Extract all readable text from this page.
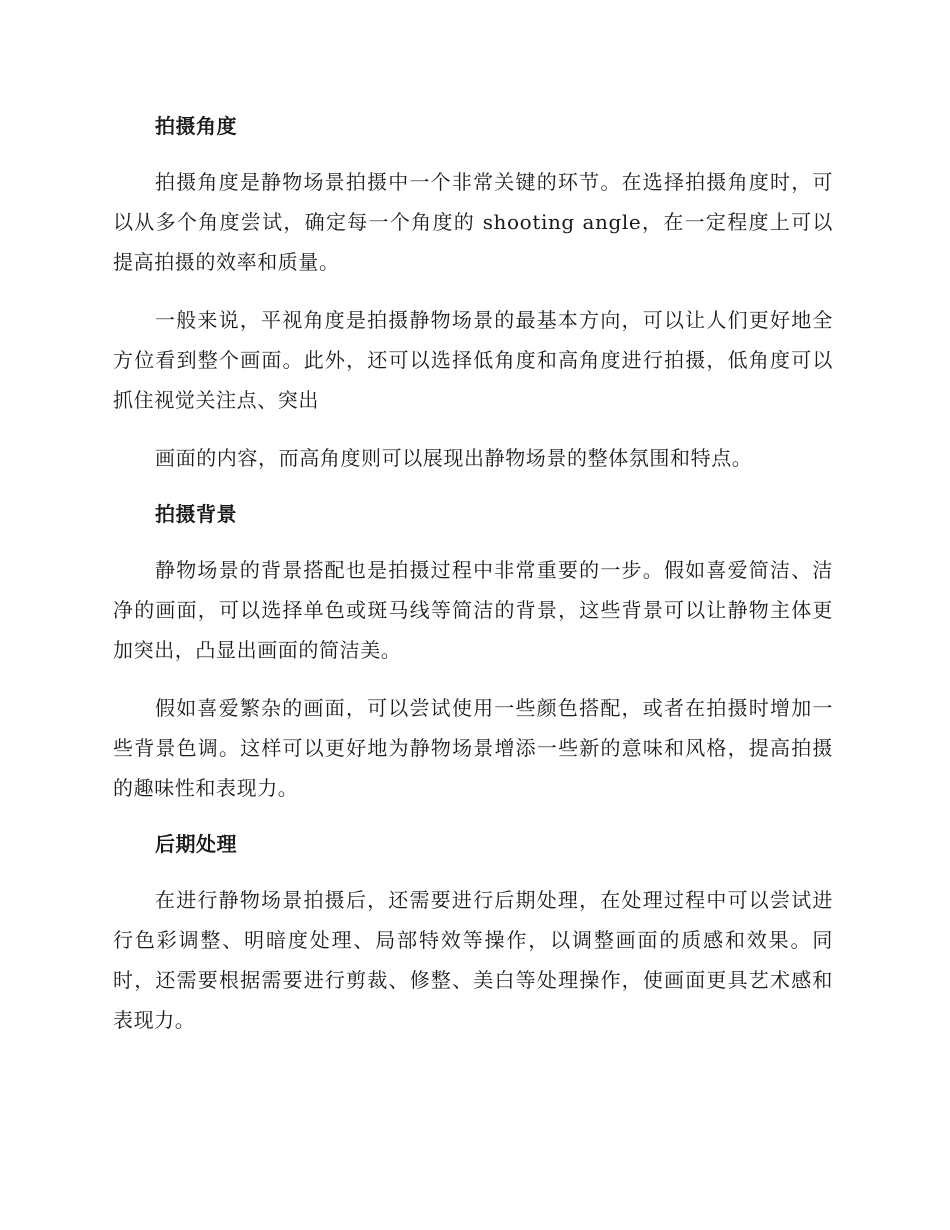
拍摄角度

拍摄角度是静物场景拍摄中一个非常关键的环节。在选择拍摄角度时，可以从多个角度尝试，确定每一个角度的 shooting angle，在一定程度上可以提高拍摄的效率和质量。

一般来说，平视角度是拍摄静物场景的最基本方向，可以让人们更好地全方位看到整个画面。此外，还可以选择低角度和高角度进行拍摄，低角度可以抓住视觉关注点、突出

画面的内容，而高角度则可以展现出静物场景的整体氛围和特点。

拍摄背景

静物场景的背景搭配也是拍摄过程中非常重要的一步。假如喜爱简洁、洁净的画面，可以选择单色或斑马线等简洁的背景，这些背景可以让静物主体更加突出，凸显出画面的简洁美。

假如喜爱繁杂的画面，可以尝试使用一些颜色搭配，或者在拍摄时增加一些背景色调。这样可以更好地为静物场景增添一些新的意味和风格，提高拍摄的趣味性和表现力。

后期处理

在进行静物场景拍摄后，还需要进行后期处理，在处理过程中可以尝试进行色彩调整、明暗度处理、局部特效等操作，以调整画面的质感和效果。同时，还需要根据需要进行剪裁、修整、美白等处理操作，使画面更具艺术感和表现力。
